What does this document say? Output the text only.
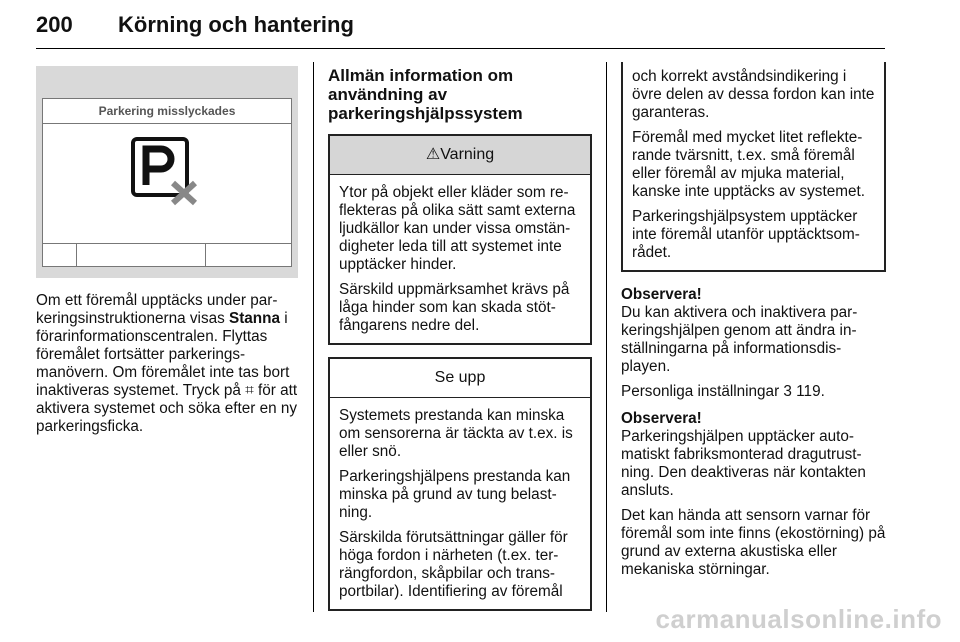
200 Körning och hantering
Parkering misslyckades

Om ett föremål upptäcks under par-keringsinstruktionerna visas Stanna i förarinformationscentralen. Flyttas föremålet fortsätter parkerings-manövern. Om föremålet inte tas bort inaktiveras systemet. Tryck på ⌗ för att aktivera systemet och söka efter en ny parkeringsficka.

Allmän information om användning av parkeringshjälpssystem
⚠Varning

Ytor på objekt eller kläder som re-flekteras på olika sätt samt externa ljudkällor kan under vissa omstän-digheter leda till att systemet inte upptäcker hinder.

Särskild uppmärksamhet krävs på låga hinder som kan skada stöt-fångarens nedre del.

Se upp

Systemets prestanda kan minska om sensorerna är täckta av t.ex. is eller snö.

Parkeringshjälpens prestanda kan minska på grund av tung belast-ning.

Särskilda förutsättningar gäller för höga fordon i närheten (t.ex. ter-rängfordon, skåpbilar och trans-portbilar). Identifiering av föremål

och korrekt avståndsindikering i övre delen av dessa fordon kan inte garanteras.

Föremål med mycket litet reflekte-rande tvärsnitt, t.ex. små föremål eller föremål av mjuka material, kanske inte upptäcks av systemet.

Parkeringshjälpsystem upptäcker inte föremål utanför upptäcktsom-rådet.

Observera!
Du kan aktivera och inaktivera par-keringshjälpen genom att ändra in-ställningarna på informationsdis-playen.

Personliga inställningar 3 119.

Observera!
Parkeringshjälpen upptäcker auto-matiskt fabriksmonterad dragutrust-ning. Den deaktiveras när kontakten ansluts.

Det kan hända att sensorn varnar för föremål som inte finns (ekostörning) på grund av externa akustiska eller mekaniska störningar.

carmanualsonline.info
